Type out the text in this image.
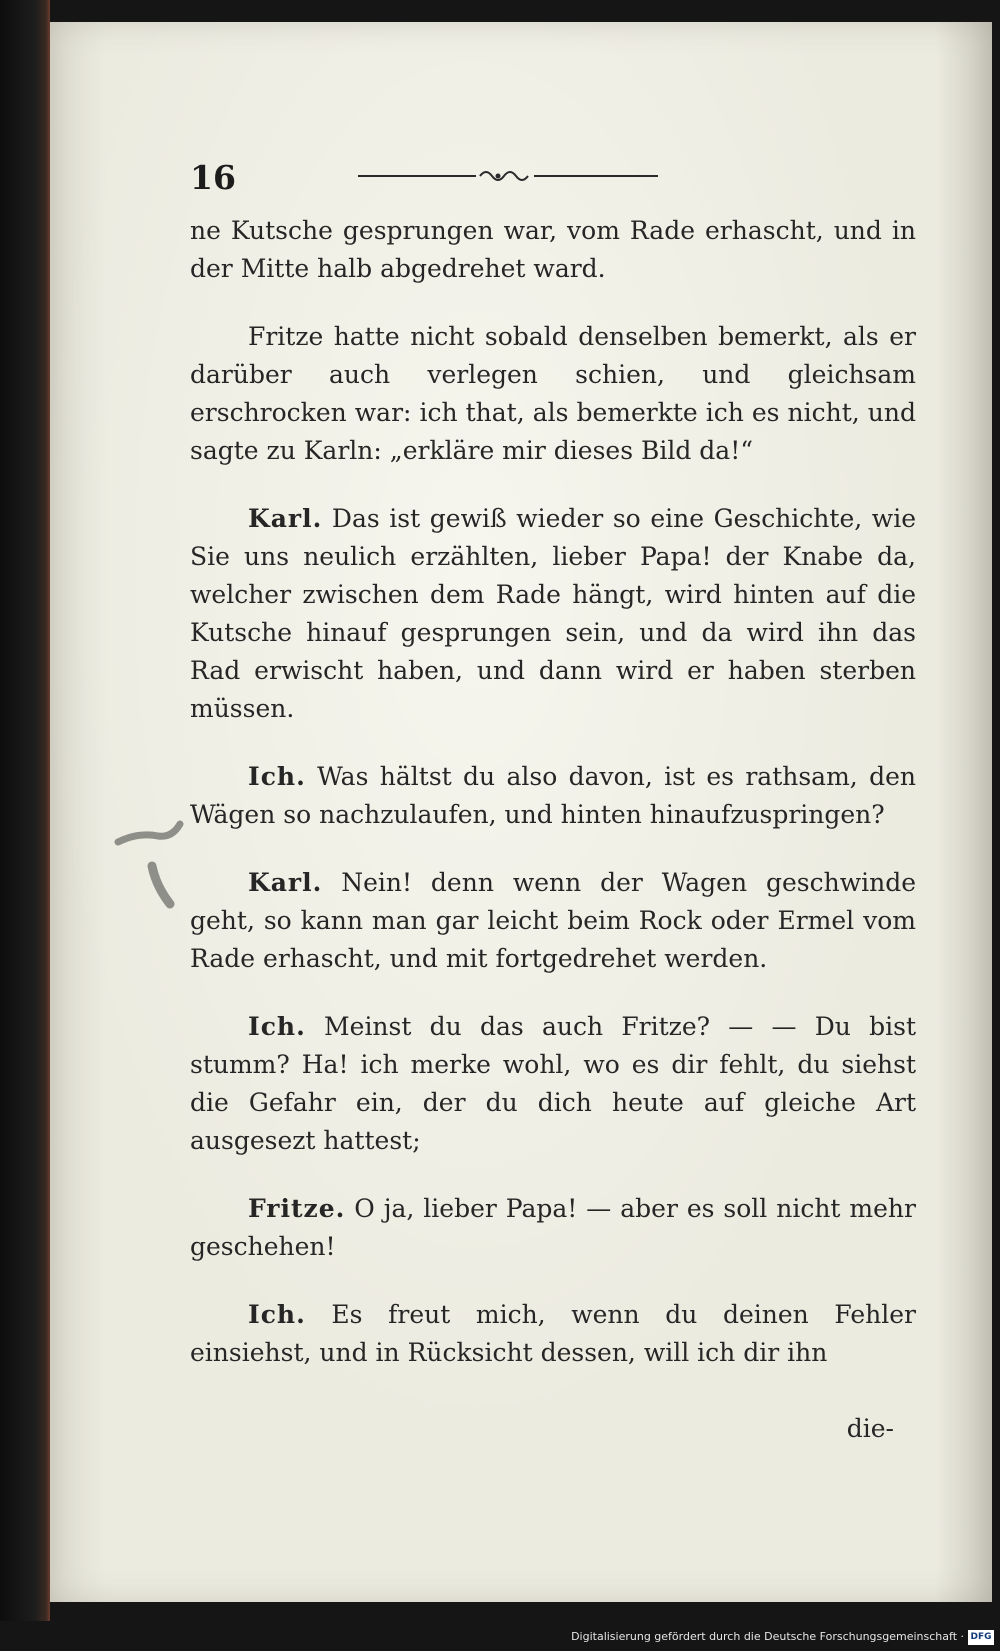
16

ne Kutsche gesprungen war, vom Rade erhascht, und in der Mitte halb abgedrehet ward.

Fritze hatte nicht sobald denselben bemerkt, als er darüber auch verlegen schien, und gleichsam erschrocken war: ich that, als bemerkte ich es nicht, und sagte zu Karln: „erkläre mir dieses Bild da!“

Karl. Das ist gewiß wieder so eine Geschichte, wie Sie uns neulich erzählten, lieber Papa! der Knabe da, welcher zwischen dem Rade hängt, wird hinten auf die Kutsche hinauf gesprungen sein, und da wird ihn das Rad erwischt haben, und dann wird er haben sterben müssen.

Ich. Was hältst du also davon, ist es rathsam, den Wägen so nachzulaufen, und hinten hinaufzuspringen?

Karl. Nein! denn wenn der Wagen geschwinde geht, so kann man gar leicht beim Rock oder Ermel vom Rade erhascht, und mit fortgedrehet werden.

Ich. Meinst du das auch Fritze? — — Du bist stumm? Ha! ich merke wohl, wo es dir fehlt, du siehst die Gefahr ein, der du dich heute auf gleiche Art ausgesezt hattest;

Fritze. O ja, lieber Papa! — aber es soll nicht mehr geschehen!

Ich. Es freut mich, wenn du deinen Fehler einsiehst, und in Rücksicht dessen, will ich dir ihn

die-
Digitalisierung gefördert durch die Deutsche Forschungsgemeinschaft · DFG
